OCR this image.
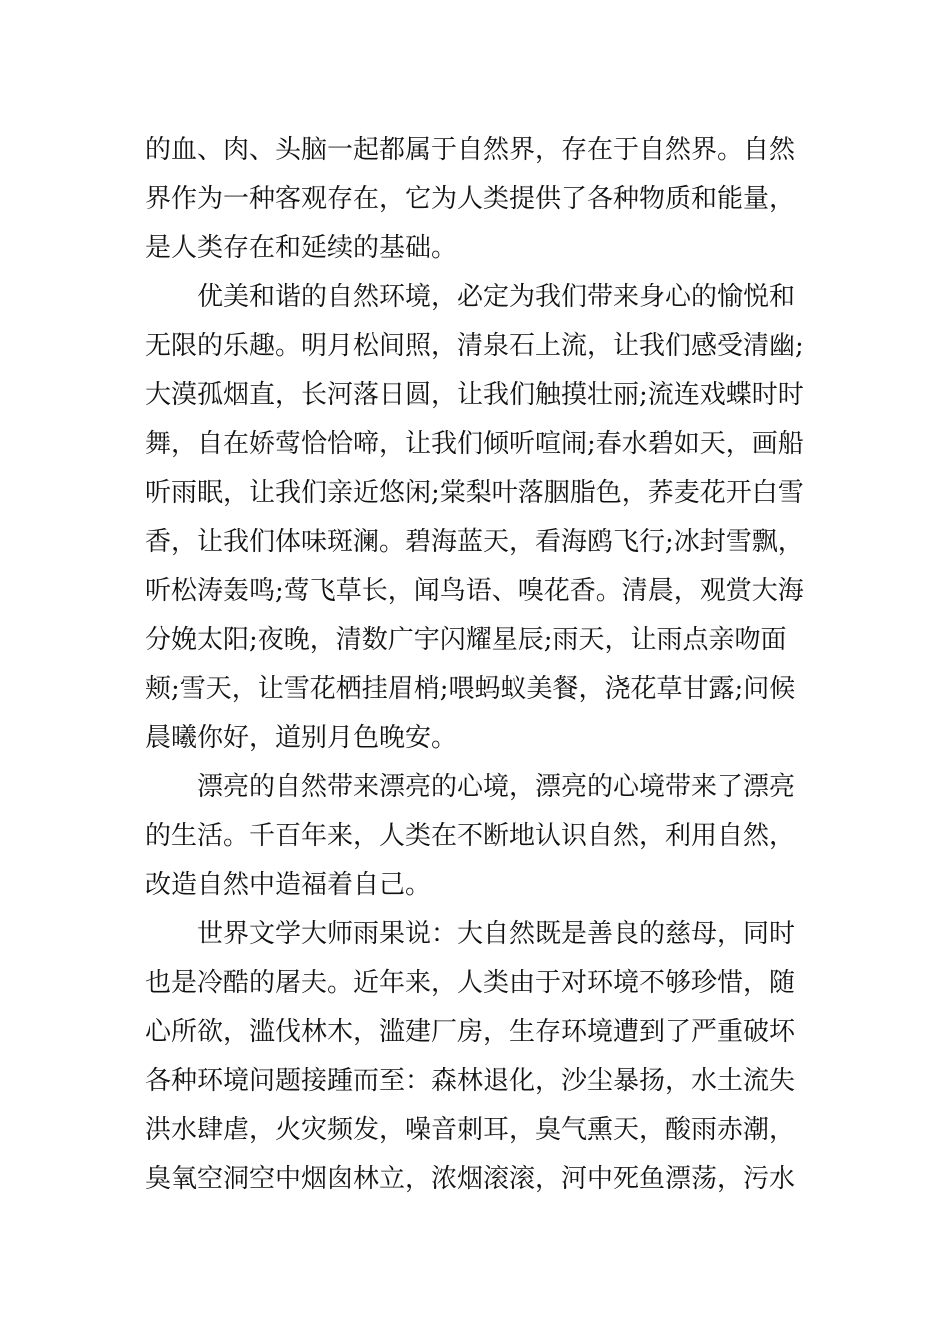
的血、肉、头脑一起都属于自然界，存在于自然界。自然
界作为一种客观存在，它为人类提供了各种物质和能量，
是人类存在和延续的基础。
优美和谐的自然环境，必定为我们带来身心的愉悦和
无限的乐趣。明月松间照，清泉石上流，让我们感受清幽;
大漠孤烟直，长河落日圆，让我们触摸壮丽;流连戏蝶时时
舞，自在娇莺恰恰啼，让我们倾听喧闹;春水碧如天，画船
听雨眠，让我们亲近悠闲;棠梨叶落胭脂色，荞麦花开白雪
香，让我们体味斑澜。碧海蓝天，看海鸥飞行;冰封雪飘，
听松涛轰鸣;莺飞草长，闻鸟语、嗅花香。清晨，观赏大海
分娩太阳;夜晚，清数广宇闪耀星辰;雨天，让雨点亲吻面
颊;雪天，让雪花栖挂眉梢;喂蚂蚁美餐，浇花草甘露;问候
晨曦你好，道别月色晚安。
漂亮的自然带来漂亮的心境，漂亮的心境带来了漂亮
的生活。千百年来，人类在不断地认识自然，利用自然，
改造自然中造福着自己。
世界文学大师雨果说：大自然既是善良的慈母，同时
也是冷酷的屠夫。近年来，人类由于对环境不够珍惜，随
心所欲，滥伐林木，滥建厂房，生存环境遭到了严重破坏
各种环境问题接踵而至：森林退化，沙尘暴扬，水土流失
洪水肆虐，火灾频发，噪音刺耳，臭气熏天，酸雨赤潮，
臭氧空洞空中烟囱林立，浓烟滚滚，河中死鱼漂荡，污水
